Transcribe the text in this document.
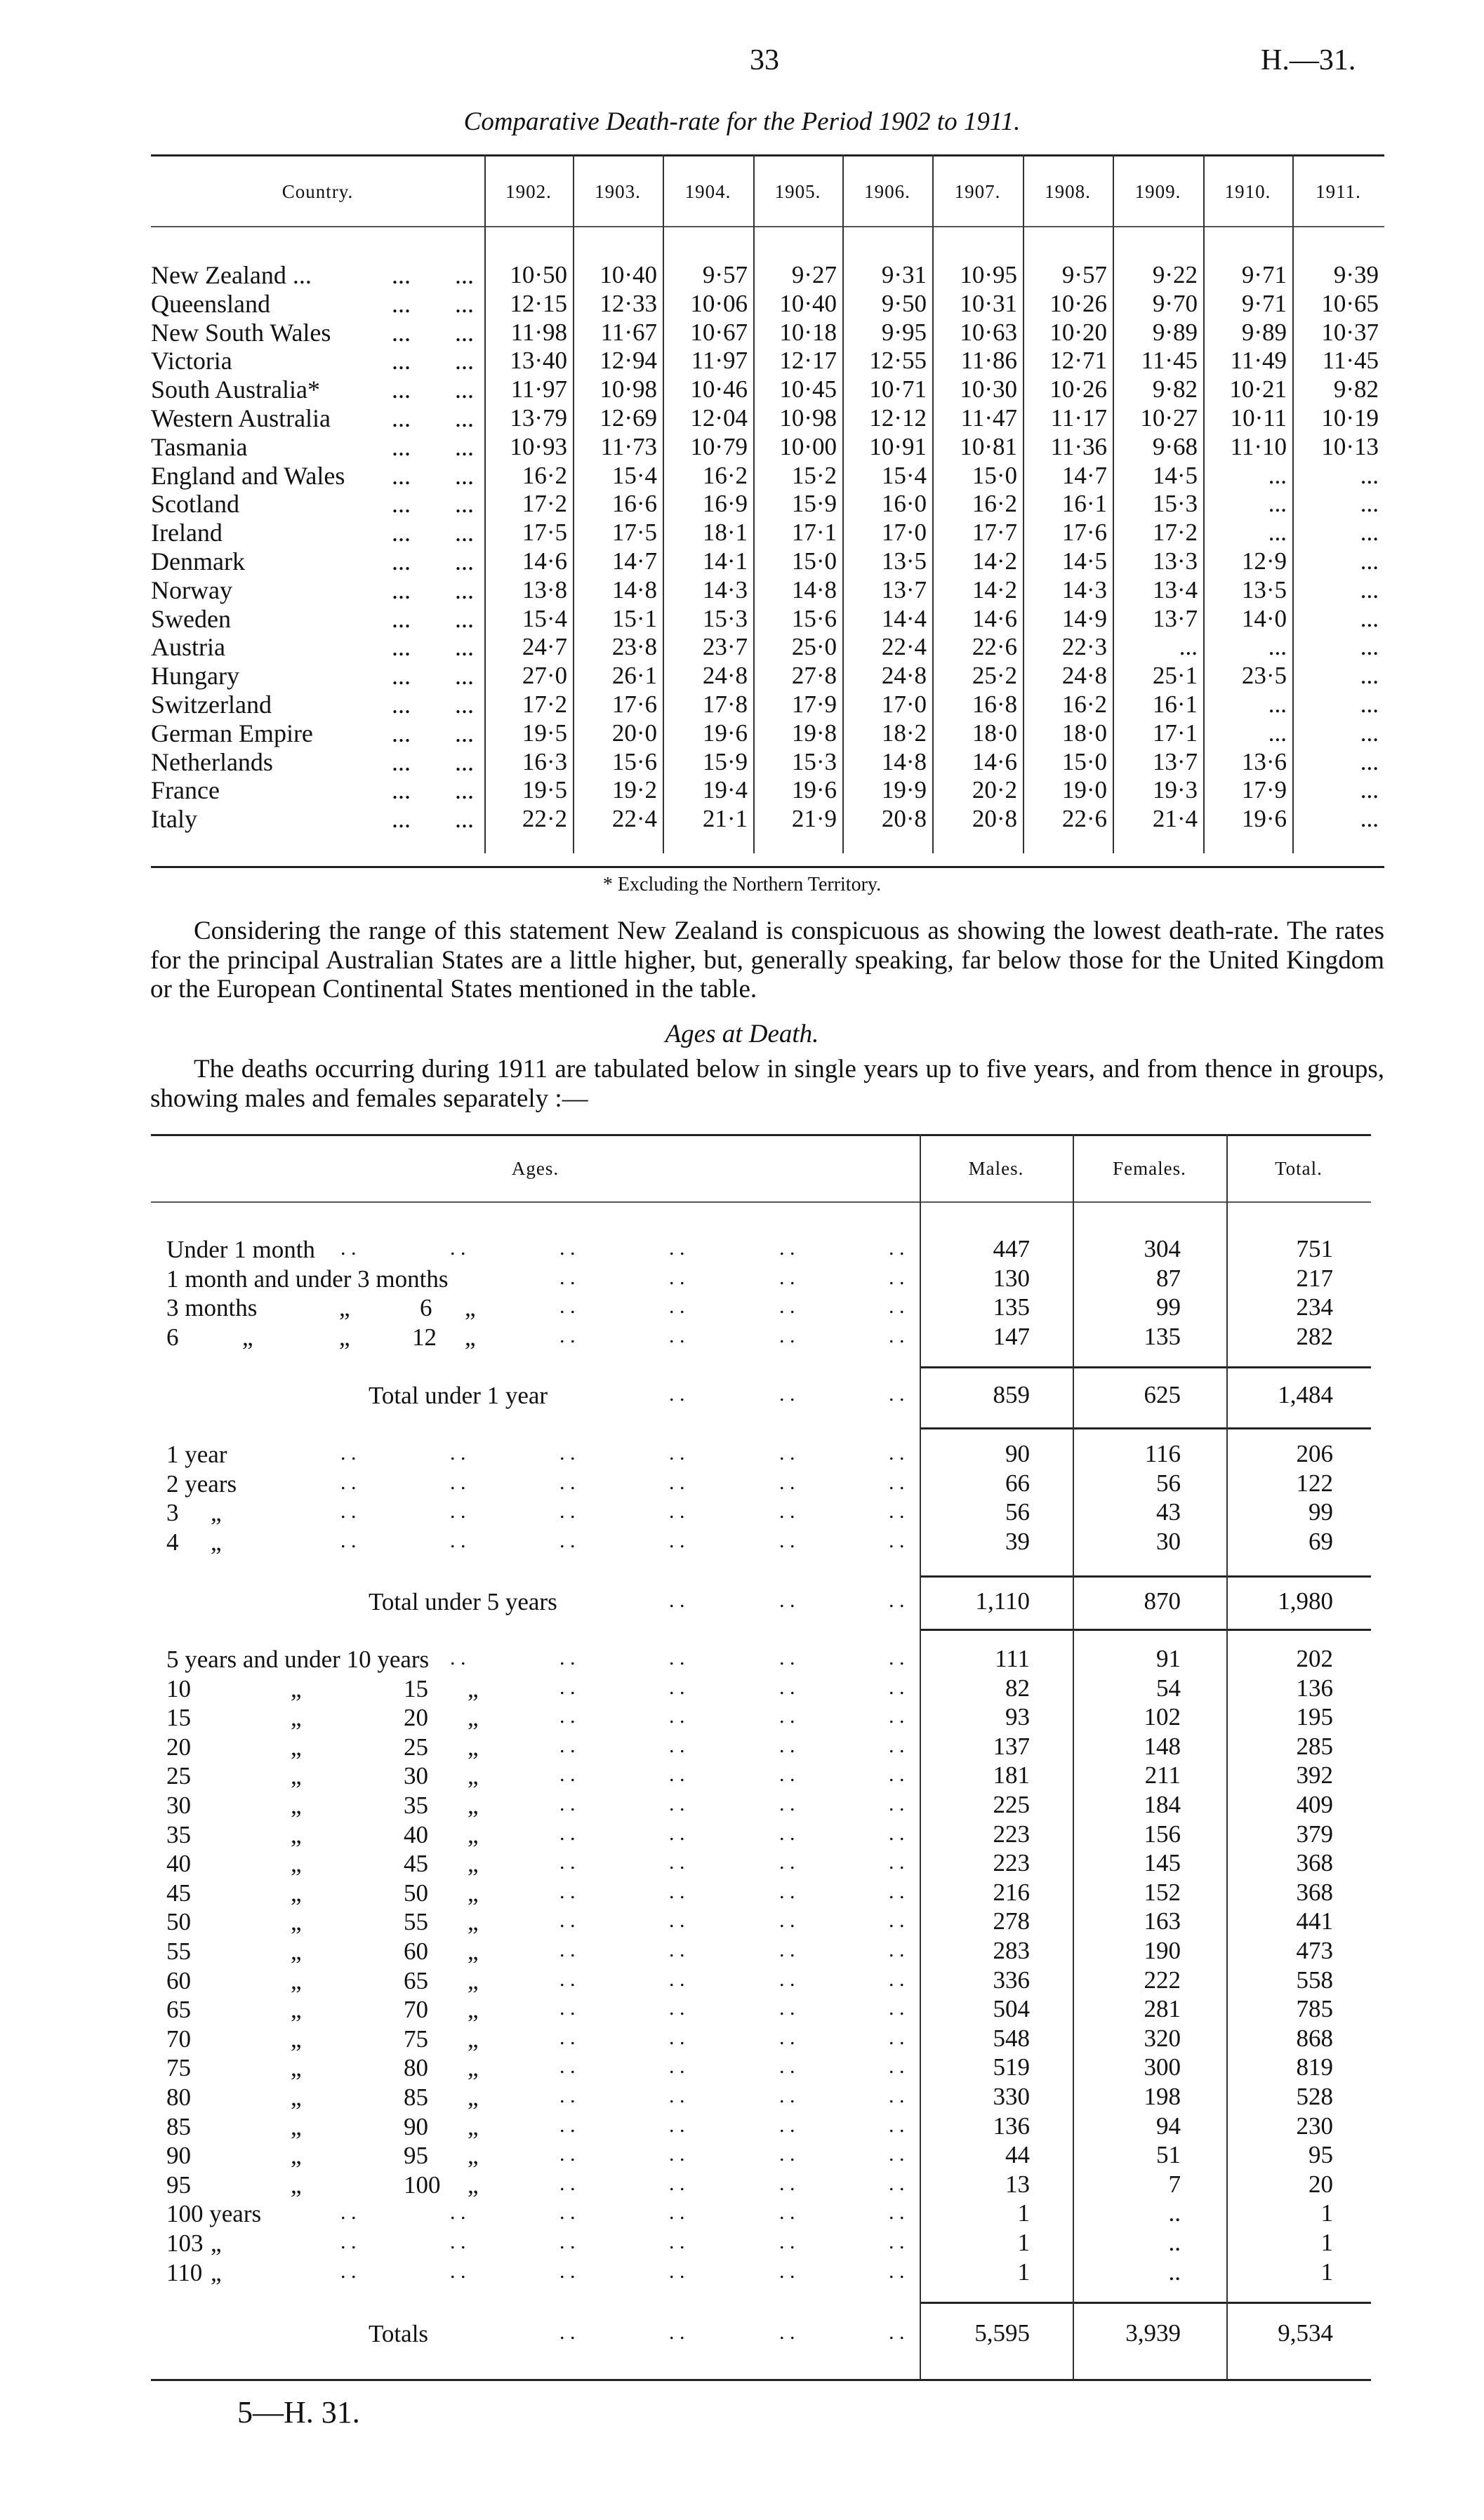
33	H.—31.
Comparative Death-rate for the Period 1902 to 1911.
Country.	1902.	1903.	1904.	1905.	1906.	1907.	1908.	1909.	1910.	1911.
New Zealand ...	... ...	10·50	10·40	9·57	9·27	9·31	10·95	9·57	9·22	9·71	9·39
Queensland	... ...	12·15	12·33	10·06	10·40	9·50	10·31	10·26	9·70	9·71	10·65
New South Wales ... ...	11·98	11·67	10·67	10·18	9·95	10·63	10·20	9·89	9·89	10·37
Victoria	... ...	13·40	12·94	11·97	12·17	12·55	11·86	12·71	11·45	11·49	11·45
South Australia*	... ...	11·97	10·98	10·46	10·45	10·71	10·30	10·26	9·82	10·21	9·82
Western Australia ... ...	13·79	12·69	12·04	10·98	12·12	11·47	11·17	10·27	10·11	10·19
Tasmania	... ...	10·93	11·73	10·79	10·00	10·91	10·81	11·36	9·68	11·10	10·13
England and Wales ... ...	16·2	15·4	16·2	15·2	15·4	15·0	14·7	14·5	...	...
Scotland	... ...	17·2	16·6	16·9	15·9	16·0	16·2	16·1	15·3	...	...
Ireland	... ...	17·5	17·5	18·1	17·1	17·0	17·7	17·6	17·2	...	...
Denmark	... ...	14·6	14·7	14·1	15·0	13·5	14·2	14·5	13·3	12·9	...
Norway	... ...	13·8	14·8	14·3	14·8	13·7	14·2	14·3	13·4	13·5	...
Sweden	... ...	15·4	15·1	15·3	15·6	14·4	14·6	14·9	13·7	14·0	...
Austria	... ...	24·7	23·8	23·7	25·0	22·4	22·6	22·3	...	...	...
Hungary	... ...	27·0	26·1	24·8	27·8	24·8	25·2	24·8	25·1	23·5	...
Switzerland	... ...	17·2	17·6	17·8	17·9	17·0	16·8	16·2	16·1	...	...
German Empire	... ...	19·5	20·0	19·6	19·8	18·2	18·0	18·0	17·1	...	...
Netherlands	... ...	16·3	15·6	15·9	15·3	14·8	14·6	15·0	13·7	13·6	...
France	... ...	19·5	19·2	19·4	19·6	19·9	20·2	19·0	19·3	17·9	...
Italy	... ...	22·2	22·4	21·1	21·9	20·8	20·8	22·6	21·4	19·6	...
* Excluding the Northern Territory.
Considering the range of this statement New Zealand is conspicuous as showing the lowest death-rate. The rates for the principal Australian States are a little higher, but, generally speaking, far below those for the United Kingdom or the European Continental States mentioned in the table.
Ages at Death.
The deaths occurring during 1911 are tabulated below in single years up to five years, and from thence in groups, showing males and females separately :—
Ages.	Males.	Females.	Total.
Under 1 month . .	. .	. .	. .	. .	. .	447	304	751
1 month and under 3 months	. .	. .	. .	. .	130	87	217
3 months	„	6 „	. .	. .	. .	. .	135	99	234
6	„	„	12 „	. .	. .	. .	. .	147	135	282
Total under 1 year	. .	. .	. .	859	625	1,484
1 year	. .	. .	. .	. .	. .	. .	90	116	206
2 years	. .	. .	. .	. .	. .	. .	66	56	122
3 „	. .	. .	. .	. .	. .	. .	56	43	99
4 „	. .	. .	. .	. .	. .	. .	39	30	69
Total under 5 years	. .	. .	. .	1,110	870	1,980
5 years and under 10 years . .	. .	. .	. .	. .	111	91	202
10	„	15 „	. .	. .	. .	. .	82	54	136
15	„	20 „	. .	. .	. .	. .	93	102	195
20	„	25 „	. .	. .	. .	. .	137	148	285
25	„	30 „	. .	. .	. .	. .	181	211	392
30	„	35 „	. .	. .	. .	. .	225	184	409
35	„	40 „	. .	. .	. .	. .	223	156	379
40	„	45 „	. .	. .	. .	. .	223	145	368
45	„	50 „	. .	. .	. .	. .	216	152	368
50	„	55 „	. .	. .	. .	. .	278	163	441
55	„	60 „	. .	. .	. .	. .	283	190	473
60	„	65 „	. .	. .	. .	. .	336	222	558
65	„	70 „	. .	. .	. .	. .	504	281	785
70	„	75 „	. .	. .	. .	. .	548	320	868
75	„	80 „	. .	. .	. .	. .	519	300	819
80	„	85 „	. .	. .	. .	. .	330	198	528
85	„	90 „	. .	. .	. .	. .	136	94	230
90	„	95 „	. .	. .	. .	. .	44	51	95
95	„	100 „	. .	. .	. .	. .	13	7	20
100 years	. .	. .	. .	. .	. .	. .	1	..	1
103 „	. .	. .	. .	. .	. .	. .	1	..	1
110 „	. .	. .	. .	. .	. .	. .	1	..	1
Totals	. .	. .	. .	. .	5,595	3,939	9,534
5—H. 31.
